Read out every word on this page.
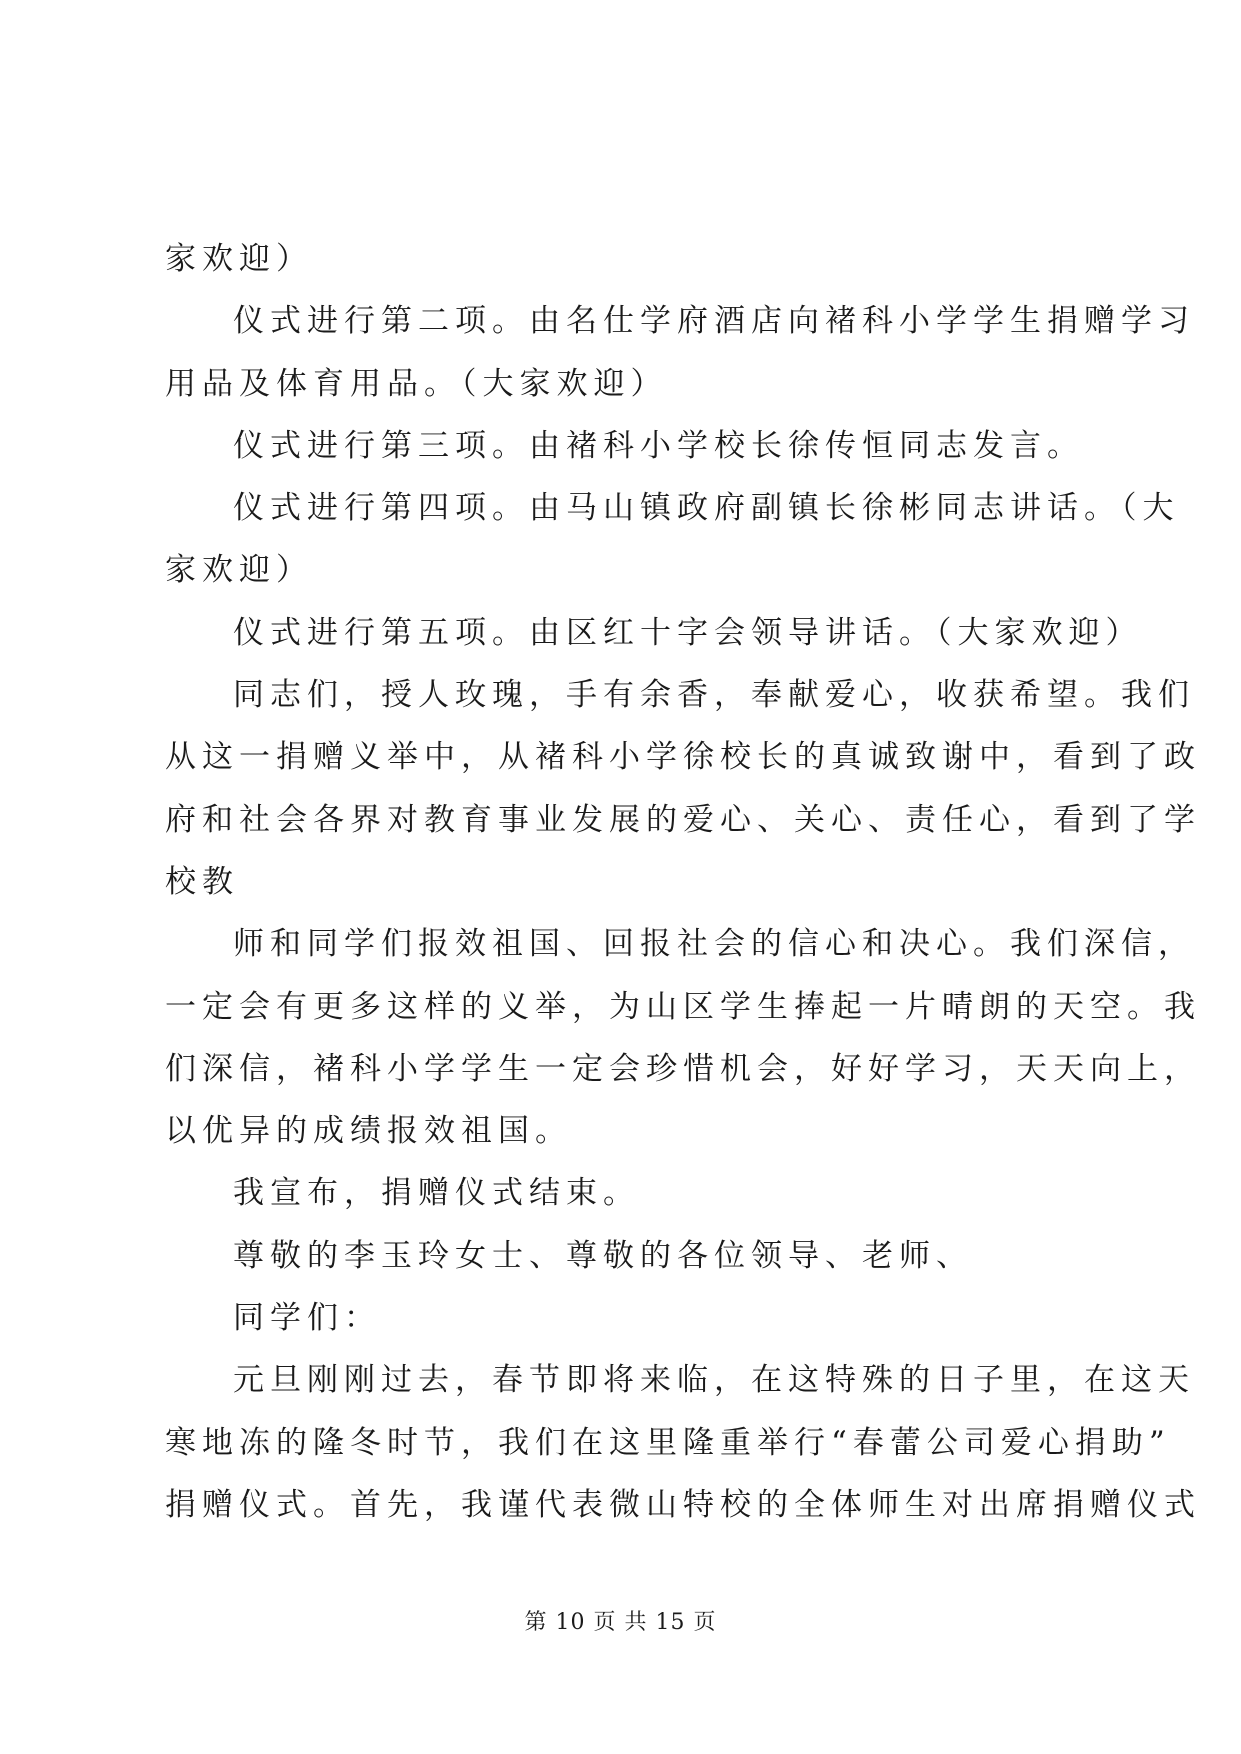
家欢迎）
仪式进行第二项。由名仕学府酒店向褚科小学学生捐赠学习
用品及体育用品。（大家欢迎）
仪式进行第三项。由褚科小学校长徐传恒同志发言。
仪式进行第四项。由马山镇政府副镇长徐彬同志讲话。（大
家欢迎）
仪式进行第五项。由区红十字会领导讲话。（大家欢迎）
同志们，授人玫瑰，手有余香，奉献爱心，收获希望。我们
从这一捐赠义举中，从褚科小学徐校长的真诚致谢中，看到了政
府和社会各界对教育事业发展的爱心、关心、责任心，看到了学
校教
师和同学们报效祖国、回报社会的信心和决心。我们深信，
一定会有更多这样的义举，为山区学生捧起一片晴朗的天空。我
们深信，褚科小学学生一定会珍惜机会，好好学习，天天向上，
以优异的成绩报效祖国。
我宣布，捐赠仪式结束。
尊敬的李玉玲女士、尊敬的各位领导、老师、
同学们：
元旦刚刚过去，春节即将来临，在这特殊的日子里，在这天
寒地冻的隆冬时节，我们在这里隆重举行“春蕾公司爱心捐助”
捐赠仪式。首先，我谨代表微山特校的全体师生对出席捐赠仪式
第 10 页 共 15 页
